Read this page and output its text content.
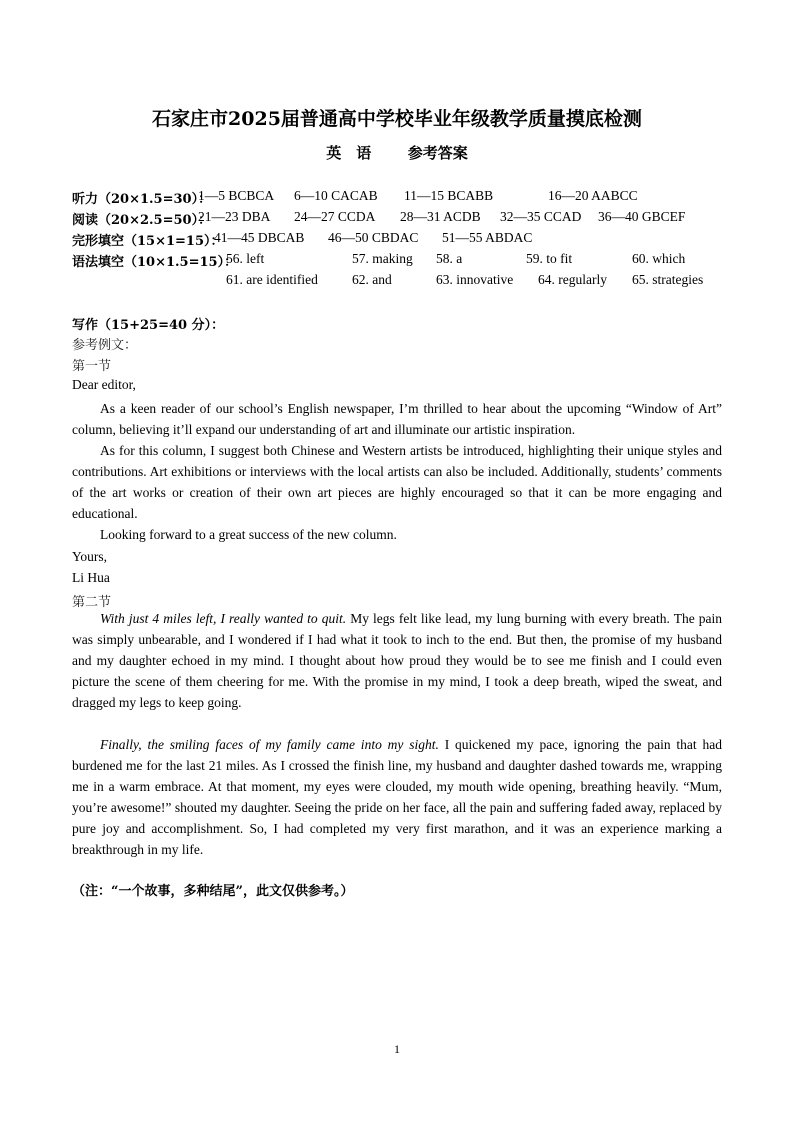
石家庄市2025届普通高中学校毕业年级教学质量摸底检测
英　语 参考答案
听力（20×1.5=30）：
1—5 BCBCA 6—10 CACAB 11—15 BCABB	16—20 AABCC
阅读（20×2.5=50）：
21—23 DBA 24—27 CCDA 28—31 ACDB 32—35 CCAD 36—40 GBCEF
完形填空（15×1=15）：
41—45 DBCAB 46—50 CBDAC 51—55 ABDAC
语法填空（10×1.5=15）：
56. left	57. making 58. a	59. to fit	60. which
61. are identified	62. and	63. innovative 64. regularly 65. strategies
写作（15+25=40 分）：
参考例文：
第一节
Dear editor,

As a keen reader of our school’s English newspaper, I’m thrilled to hear about the upcoming “Window of Art” column, believing it’ll expand our understanding of art and illuminate our artistic inspiration.

As for this column, I suggest both Chinese and Western artists be introduced, highlighting their unique styles and contributions. Art exhibitions or interviews with the local artists can also be included. Additionally, students’ comments of the art works or creation of their own art pieces are highly encouraged so that it can be more engaging and educational.

Looking forward to a great success of the new column.

Yours,
Li Hua
第二节

With just 4 miles left, I really wanted to quit. My legs felt like lead, my lung burning with every breath. The pain was simply unbearable, and I wondered if I had what it took to inch to the end. But then, the promise of my husband and my daughter echoed in my mind. I thought about how proud they would be to see me finish and I could even picture the scene of them cheering for me. With the promise in my mind, I took a deep breath, wiped the sweat, and dragged my legs to keep going.

Finally, the smiling faces of my family came into my sight. I quickened my pace, ignoring the pain that had burdened me for the last 21 miles. As I crossed the finish line, my husband and daughter dashed towards me, wrapping me in a warm embrace. At that moment, my eyes were clouded, my mouth wide opening, breathing heavily. “Mum, you’re awesome!” shouted my daughter. Seeing the pride on her face, all the pain and suffering faded away, replaced by pure joy and accomplishment. So, I had completed my very first marathon, and it was an experience marking a breakthrough in my life.

（注：“一个故事，多种结尾”，此文仅供参考。）
1
